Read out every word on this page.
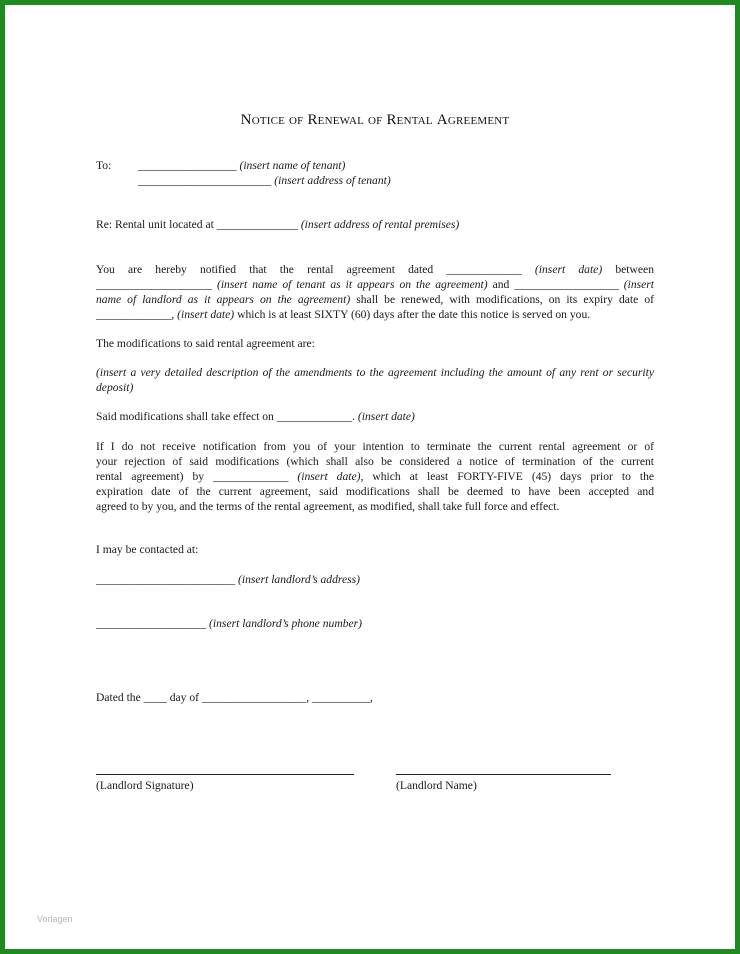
Notice of Renewal of Rental Agreement
To: _________________ (insert name of tenant)
_______________________ (insert address of tenant)
Re: Rental unit located at ______________ (insert address of rental premises)
You are hereby notified that the rental agreement dated _____________ (insert date) between
____________________ (insert name of tenant as it appears on the agreement) and __________________ (insert
name of landlord as it appears on the agreement) shall be renewed, with modifications, on its expiry date of
_____________, (insert date) which is at least SIXTY (60) days after the date this notice is served on you.
The modifications to said rental agreement are:
(insert a very detailed description of the amendments to the agreement including the amount of any rent or security
deposit)
Said modifications shall take effect on _____________. (insert date)
If I do not receive notification from you of your intention to terminate the current rental agreement or of
your rejection of said modifications (which shall also be considered a notice of termination of the current
rental agreement) by _____________ (insert date), which at least FORTY-FIVE (45) days prior to the
expiration date of the current agreement, said modifications shall be deemed to have been accepted and
agreed to by you, and the terms of the rental agreement, as modified, shall take full force and effect.
I may be contacted at:
________________________ (insert landlord’s address)
___________________ (insert landlord’s phone number)
Dated the ____ day of __________________, __________,
(Landlord Signature)	(Landlord Name)
Vorlagen
